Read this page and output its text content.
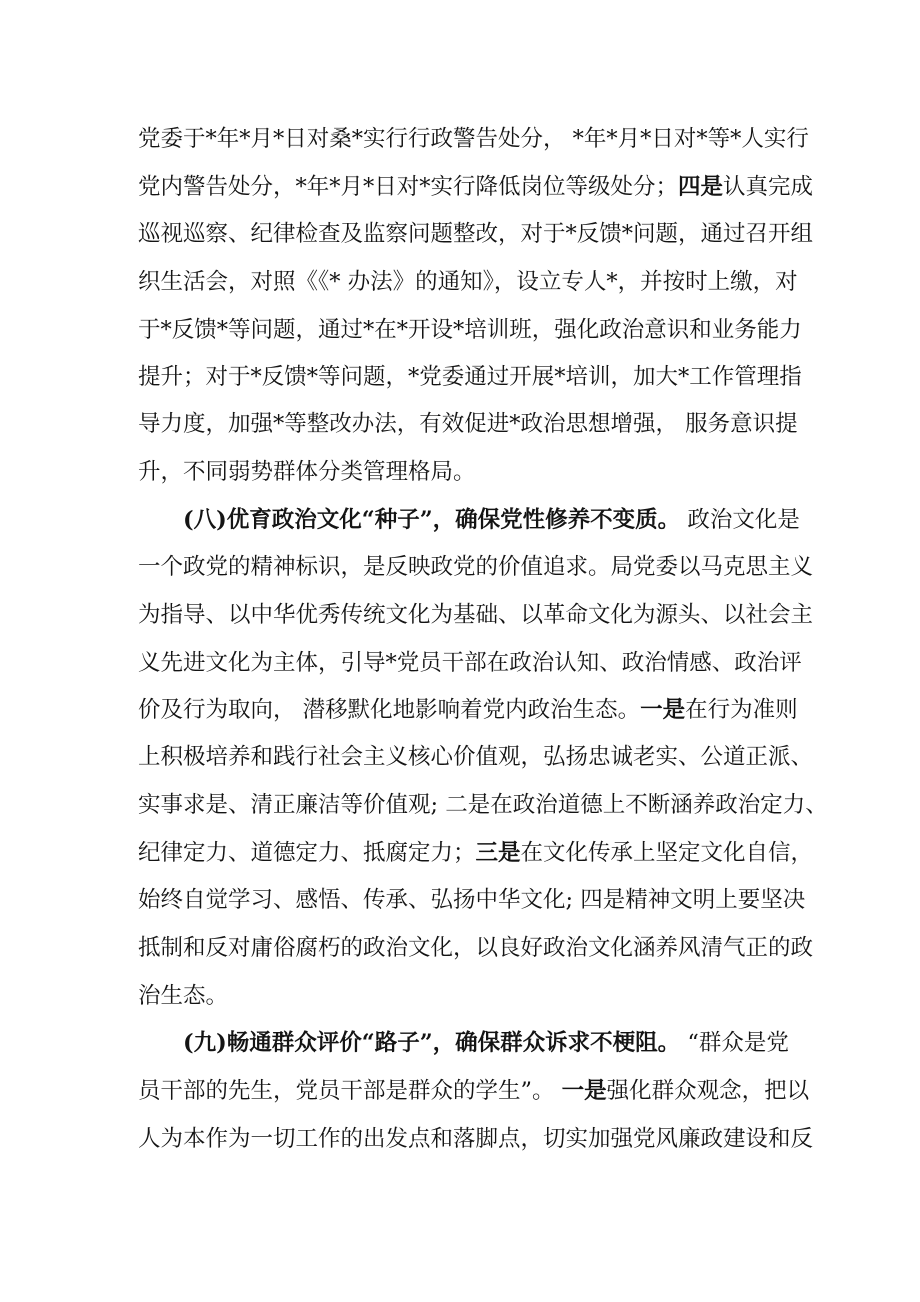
党委于*年*月*日对桑*实行行政警告处分， *年*月*日对*等*人实行
党内警告处分，*年*月*日对*实行降低岗位等级处分；四是认真完成
巡视巡察、纪律检查及监察问题整改，对于*反馈*问题，通过召开组
织生活会，对照《《* 办法》的通知》，设立专人*，并按时上缴，对
于*反馈*等问题，通过*在*开设*培训班，强化政治意识和业务能力
提升；对于*反馈*等问题，*党委通过开展*培训，加大*工作管理指
导力度，加强*等整改办法，有效促进*政治思想增强， 服务意识提
升，不同弱势群体分类管理格局。
(八)优育政治文化“种子”，确保党性修养不变质。 政治文化是
一个政党的精神标识，是反映政党的价值追求。局党委以马克思主义
为指导、以中华优秀传统文化为基础、以革命文化为源头、以社会主
义先进文化为主体，引导*党员干部在政治认知、政治情感、政治评
价及行为取向， 潜移默化地影响着党内政治生态。一是在行为准则
上积极培养和践行社会主义核心价值观，弘扬忠诚老实、公道正派、
实事求是、清正廉洁等价值观; 二是在政治道德上不断涵养政治定力、
纪律定力、道德定力、抵腐定力；三是在文化传承上坚定文化自信，
始终自觉学习、感悟、传承、弘扬中华文化; 四是精神文明上要坚决
抵制和反对庸俗腐朽的政治文化，以良好政治文化涵养风清气正的政
治生态。
(九)畅通群众评价“路子”，确保群众诉求不梗阻。 “群众是党
员干部的先生，党员干部是群众的学生”。 一是强化群众观念，把以
人为本作为一切工作的出发点和落脚点，切实加强党风廉政建设和反
